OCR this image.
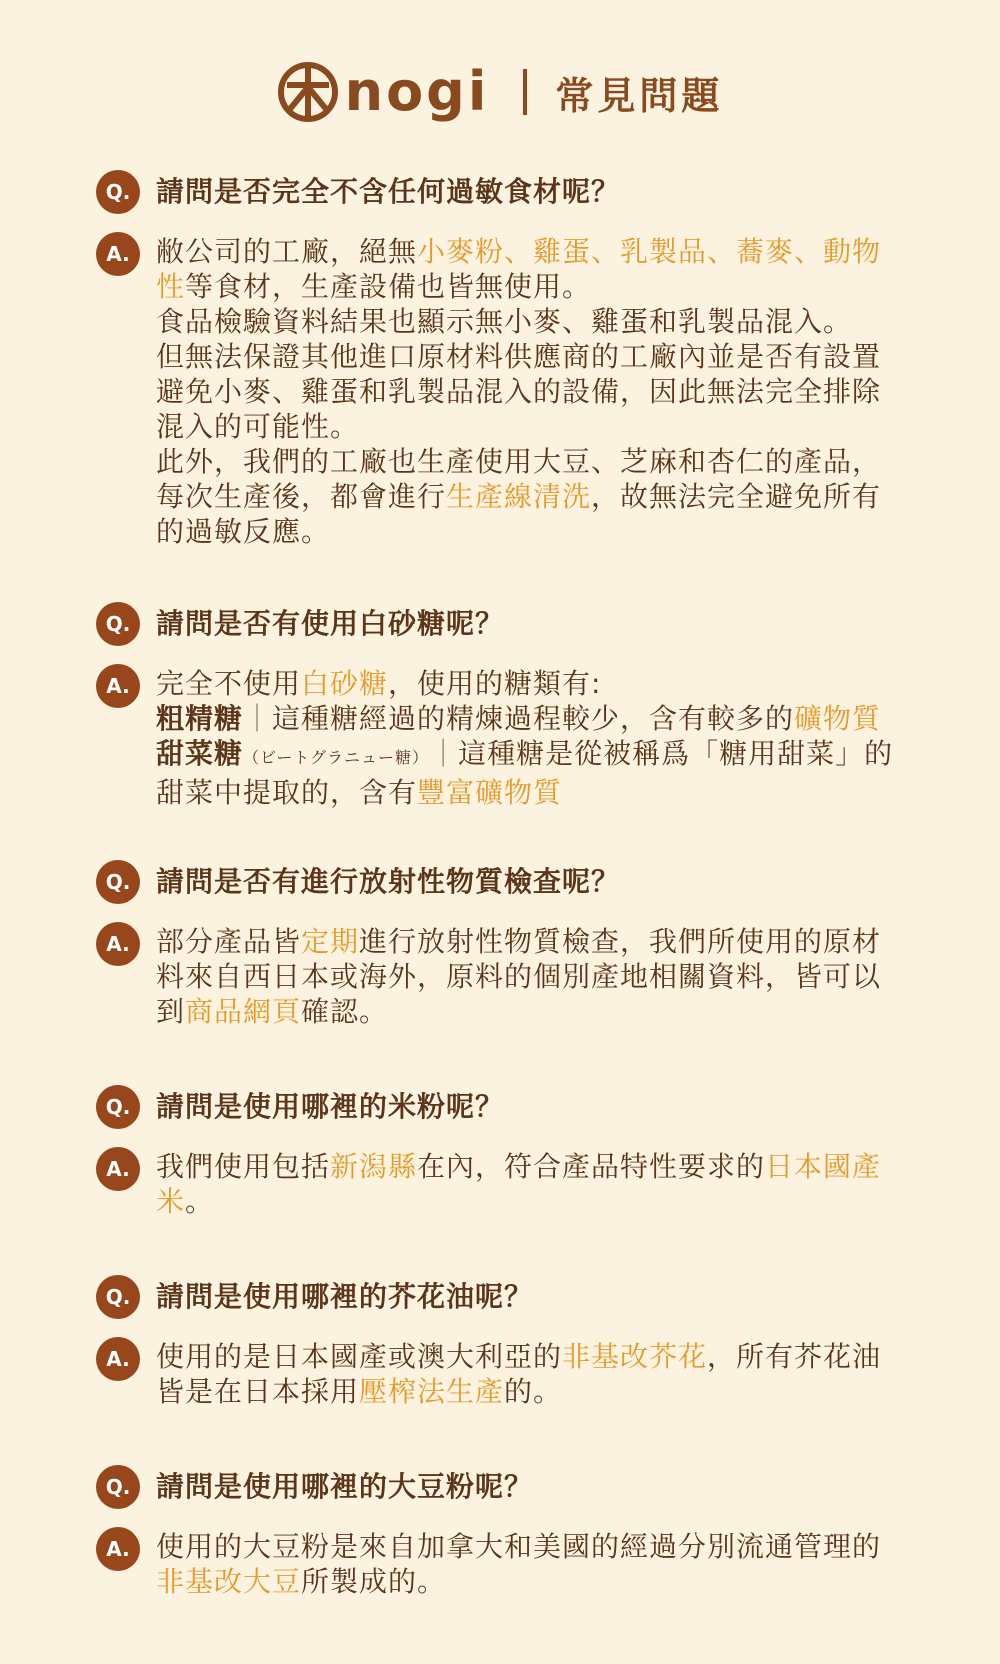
nogi 常見問題
Q. 請問是否完全不含任何過敏食材呢？
A. 敝公司的工廠，絕無小麥粉、雞蛋、乳製品、蕎麥、動物性等食材，生產設備也皆無使用。

食品檢驗資料結果也顯示無小麥、雞蛋和乳製品混入。

但無法保證其他進口原材料供應商的工廠內並是否有設置避免小麥、雞蛋和乳製品混入的設備，因此無法完全排除混入的可能性。

此外，我們的工廠也生產使用大豆、芝麻和杏仁的產品，每次生產後，都會進行生產線清洗，故無法完全避免所有的過敏反應。

Q. 請問是否有使用白砂糖呢？
A. 完全不使用白砂糖，使用的糖類有:

粗精糖｜這種糖經過的精煉過程較少，含有較多的礦物質

甜菜糖（ビートグラニュー糖）｜這種糖是從被稱爲「糖用甜菜」的甜菜中提取的，含有豐富礦物質

Q. 請問是否有進行放射性物質檢查呢？
A. 部分產品皆定期進行放射性物質檢查，我們所使用的原材料來自西日本或海外，原料的個別產地相關資料，皆可以到商品網頁確認。

Q. 請問是使用哪裡的米粉呢？
A. 我們使用包括新潟縣在內，符合產品特性要求的日本國產米。

Q. 請問是使用哪裡的芥花油呢？
A. 使用的是日本國產或澳大利亞的非基改芥花，所有芥花油皆是在日本採用壓榨法生產的。

Q. 請問是使用哪裡的大豆粉呢？
A. 使用的大豆粉是來自加拿大和美國的經過分別流通管理的非基改大豆所製成的。
